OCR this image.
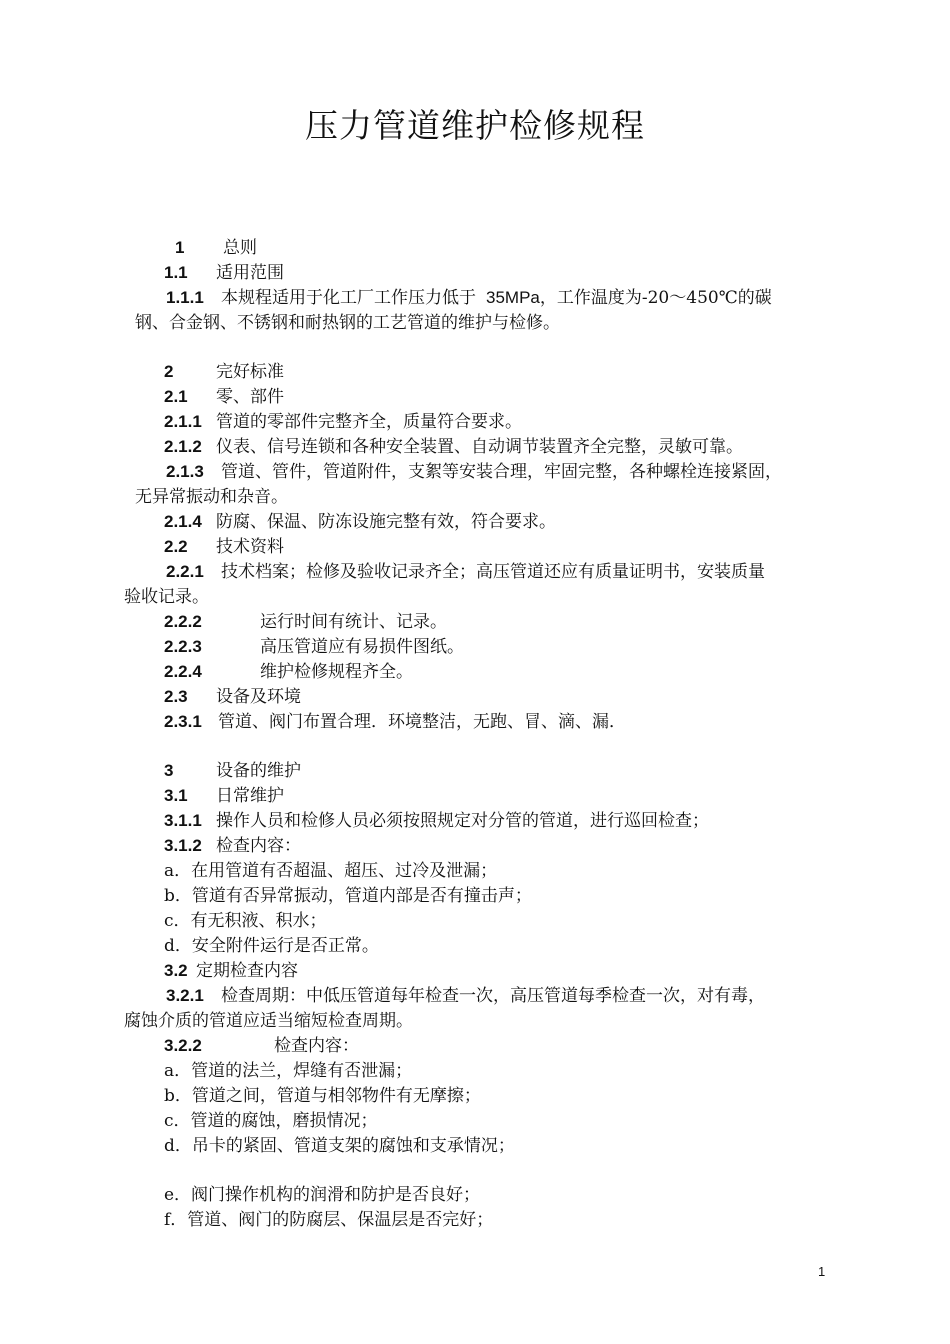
压力管道维护检修规程
1 总则
1.1 适用范围
1.1.1 本规程适用于化工厂工作压力低于 35MPa，工作温度为-20～450℃的碳
钢、合金钢、不锈钢和耐热钢的工艺管道的维护与检修。
2	完好标准
2.1 零、部件
2.1.1 管道的零部件完整齐全，质量符合要求。
2.1.2 仪表、信号连锁和各种安全装置、自动调节装置齐全完整，灵敏可靠。
2.1.3 管道、管件，管道附件，支絮等安装合理，牢固完整，各种螺栓连接紧固，
无异常振动和杂音。
2.1.4 防腐、保温、防冻设施完整有效，符合要求。
2.2 技术资料
2.2.1 技术档案；检修及验收记录齐全；高压管道还应有质量证明书，安装质量
验收记录。
2.2.2	运行时间有统计、记录。
2.2.3	高压管道应有易损件图纸。
2.2.4	维护检修规程齐全。
2.3 设备及环境
2.3.1 管道、阀门布置合理．环境整洁，无跑、冒、滴、漏．
3	设备的维护
3.1 日常维护
3.1.1 操作人员和检修人员必须按照规定对分管的管道，进行巡回检查；
3.1.2 检查内容：
a．在用管道有否超温、超压、过冷及泄漏；
b．管道有否异常振动，管道内部是否有撞击声；
c．有无积液、积水；
d．安全附件运行是否正常。
3.2 定期检查内容
3.2.1 检查周期：中低压管道每年检查一次，高压管道每季检查一次，对有毒，
腐蚀介质的管道应适当缩短检查周期。
3.2.2	检查内容：
a．管道的法兰，焊缝有否泄漏；
b．管道之间，管道与相邻物件有无摩擦；
c．管道的腐蚀，磨损情况；
d．吊卡的紧固、管道支架的腐蚀和支承情况；
e．阀门操作机构的润滑和防护是否良好；
f．管道、阀门的防腐层、保温层是否完好；
1
